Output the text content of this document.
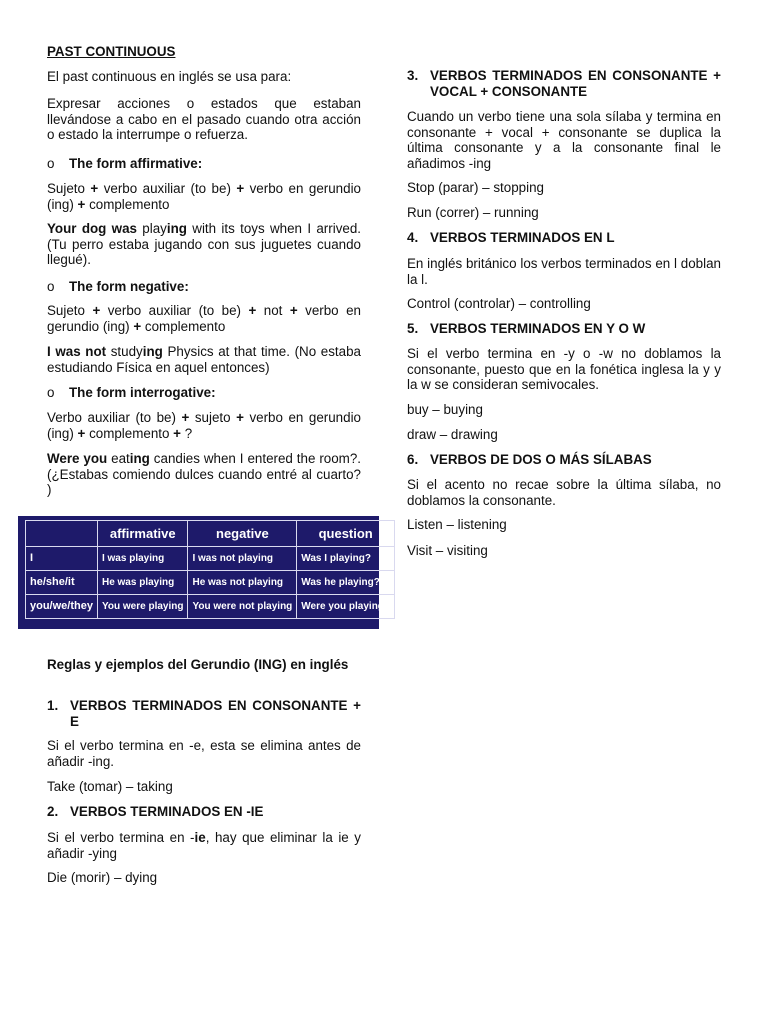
PAST CONTINUOUS

El past continuous en inglés se usa para:

Expresar acciones o estados que estaban llevándose a cabo en el pasado cuando otra acción o estado la interrumpe o refuerza.

o The form affirmative:

Sujeto + verbo auxiliar (to be) + verbo en gerundio (ing) + complemento

Your dog was playing with its toys when I arrived. (Tu perro estaba jugando con sus juguetes cuando llegué).

o The form negative:

Sujeto + verbo auxiliar (to be) + not + verbo en gerundio (ing) + complemento

I was not studying Physics at that time. (No estaba estudiando Física en aquel entonces)

o The form interrogative:

Verbo auxiliar (to be) + sujeto + verbo en gerundio (ing) + complemento + ?

Were you eating candies when I entered the room?. (¿Estabas comiendo dulces cuando entré al cuarto? )

Reglas y ejemplos del Gerundio (ING) en inglés

1. VERBOS TERMINADOS EN CONSONANTE + E

Si el verbo termina en -e, esta se elimina antes de añadir -ing.

Take (tomar) – taking

2. VERBOS TERMINADOS EN -IE

Si el verbo termina en -ie, hay que eliminar la ie y añadir -ying

Die (morir) – dying

	affirmative	negative	question
I	I was playing	I was not playing	Was I playing?
he/she/it	He was playing	He was not playing	Was he playing?
you/we/they	You were playing	You were not playing	Were you playing?
3. VERBOS TERMINADOS EN CONSONANTE + VOCAL + CONSONANTE

Cuando un verbo tiene una sola sílaba y termina en consonante + vocal + consonante se duplica la última consonante y a la consonante final le añadimos -ing

Stop (parar) – stopping

Run (correr) – running

4. VERBOS TERMINADOS EN L

En inglés británico los verbos terminados en l doblan la l.

Control (controlar) – controlling

5. VERBOS TERMINADOS EN Y O W

Si el verbo termina en -y o -w no doblamos la consonante, puesto que en la fonética inglesa la y y la w se consideran semivocales.

buy – buying

draw – drawing

6. VERBOS DE DOS O MÁS SÍLABAS

Si el acento no recae sobre la última sílaba, no doblamos la consonante.

Listen – listening

Visit – visiting
